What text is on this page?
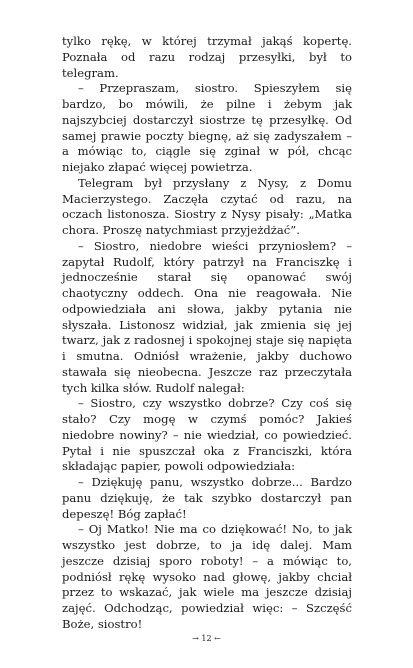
tylko rękę, w której trzymał jakąś kopertę. Poznała od razu rodzaj przesyłki, był to telegram.

– Przepraszam, siostro. Spieszyłem się bardzo, bo mówili, że pilne i żebym jak najszybciej dostarczył siostrze tę przesyłkę. Od samej prawie poczty biegnę, aż się zadyszałem – a mówiąc to, ciągle się zginał w pół, chcąc niejako złapać więcej powietrza.

Telegram był przysłany z Nysy, z Domu Macierzystego. Zaczęła czytać od razu, na oczach listonosza. Siostry z Nysy pisały: „Matka chora. Proszę natychmiast przyjeżdżać”.

– Siostro, niedobre wieści przyniosłem? – zapytał Rudolf, który patrzył na Franciszkę i jednocześnie starał się opanować swój chaotyczny oddech. Ona nie reagowała. Nie odpowiedziała ani słowa, jakby pytania nie słyszała. Listonosz widział, jak zmienia się jej twarz, jak z radosnej i spokojnej staje się napięta i smutna. Odniósł wrażenie, jakby duchowo stawała się nieobecna. Jeszcze raz przeczytała tych kilka słów. Rudolf nalegał:

– Siostro, czy wszystko dobrze? Czy coś się stało? Czy mogę w czymś pomóc? Jakieś niedobre nowiny? – nie wiedział, co powiedzieć. Pytał i nie spuszczał oka z Franciszki, która składając papier, powoli odpowiedziała:

– Dziękuję panu, wszystko dobrze... Bardzo panu dziękuję, że tak szybko dostarczył pan depeszę! Bóg zapłać!

– Oj Matko! Nie ma co dziękować! No, to jak wszystko jest dobrze, to ja idę dalej. Mam jeszcze dzisiaj sporo roboty! – a mówiąc to, podniósł rękę wysoko nad głowę, jakby chciał przez to wskazać, jak wiele ma jeszcze dzisiaj zajęć. Odchodząc, powiedział więc: – Szczęść Boże, siostro!

→ 12 ←
